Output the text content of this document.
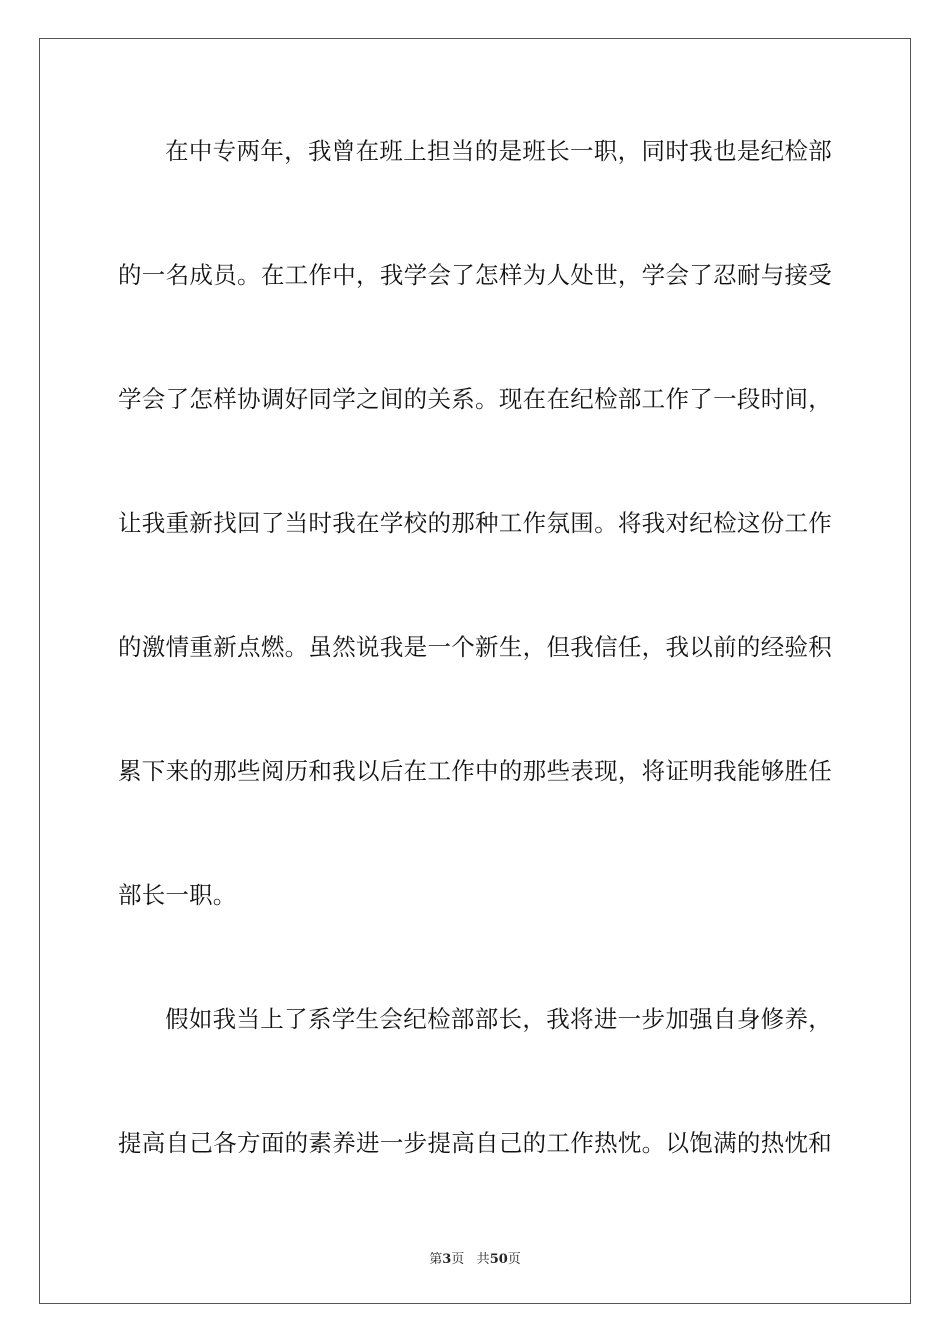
在中专两年，我曾在班上担当的是班长一职，同时我也是纪检部
的一名成员。在工作中，我学会了怎样为人处世，学会了忍耐与接受
学会了怎样协调好同学之间的关系。现在在纪检部工作了一段时间，
让我重新找回了当时我在学校的那种工作氛围。将我对纪检这份工作
的激情重新点燃。虽然说我是一个新生，但我信任，我以前的经验积
累下来的那些阅历和我以后在工作中的那些表现，将证明我能够胜任
部长一职。
假如我当上了系学生会纪检部部长，我将进一步加强自身修养，
提高自己各方面的素养进一步提高自己的工作热忱。以饱满的热忱和
第3页 共50页
